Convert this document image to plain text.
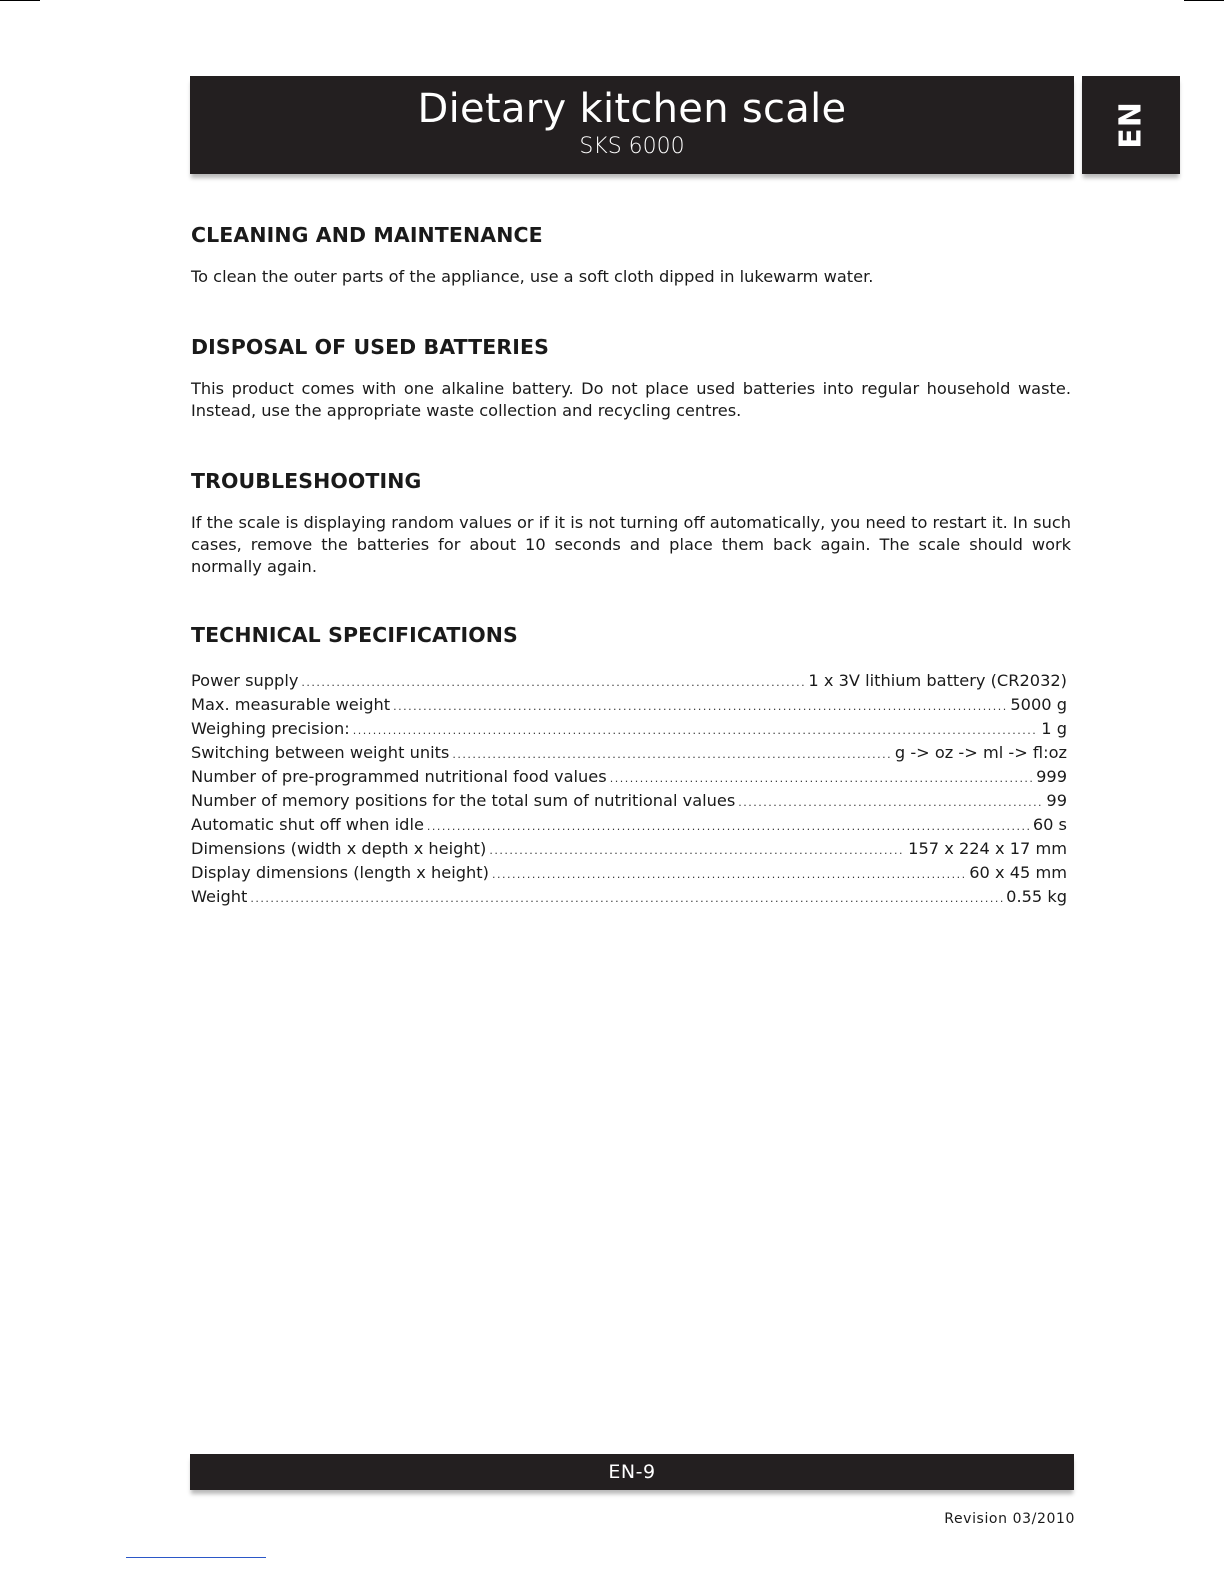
Dietary kitchen scale
SKS 6000	EN
CLEANING AND MAINTENANCE

To clean the outer parts of the appliance, use a soft cloth dipped in lukewarm water.

DISPOSAL OF USED BATTERIES

This product comes with one alkaline battery. Do not place used batteries into regular household waste. Instead, use the appropriate waste collection and recycling centres.

TROUBLESHOOTING

If the scale is displaying random values or if it is not turning off automatically, you need to restart it. In such cases, remove the batteries for about 10 seconds and place them back again. The scale should work normally again.

TECHNICAL SPECIFICATIONS
Power supply .....	1 x 3V lithium battery (CR2032)
Max. measurable weight .....	5000 g
Weighing precision: .....	1 g
Switching between weight units .....	g -> oz -> ml -> fl:oz
Number of pre-programmed nutritional food values .....	999
Number of memory positions for the total sum of nutritional values .....	99
Automatic shut off when idle .....	60 s
Dimensions (width x depth x height) .....	157 x 224 x 17 mm
Display dimensions (length x height) .....	60 x 45 mm
Weight .....	0.55 kg
EN-9
Revision 03/2010
